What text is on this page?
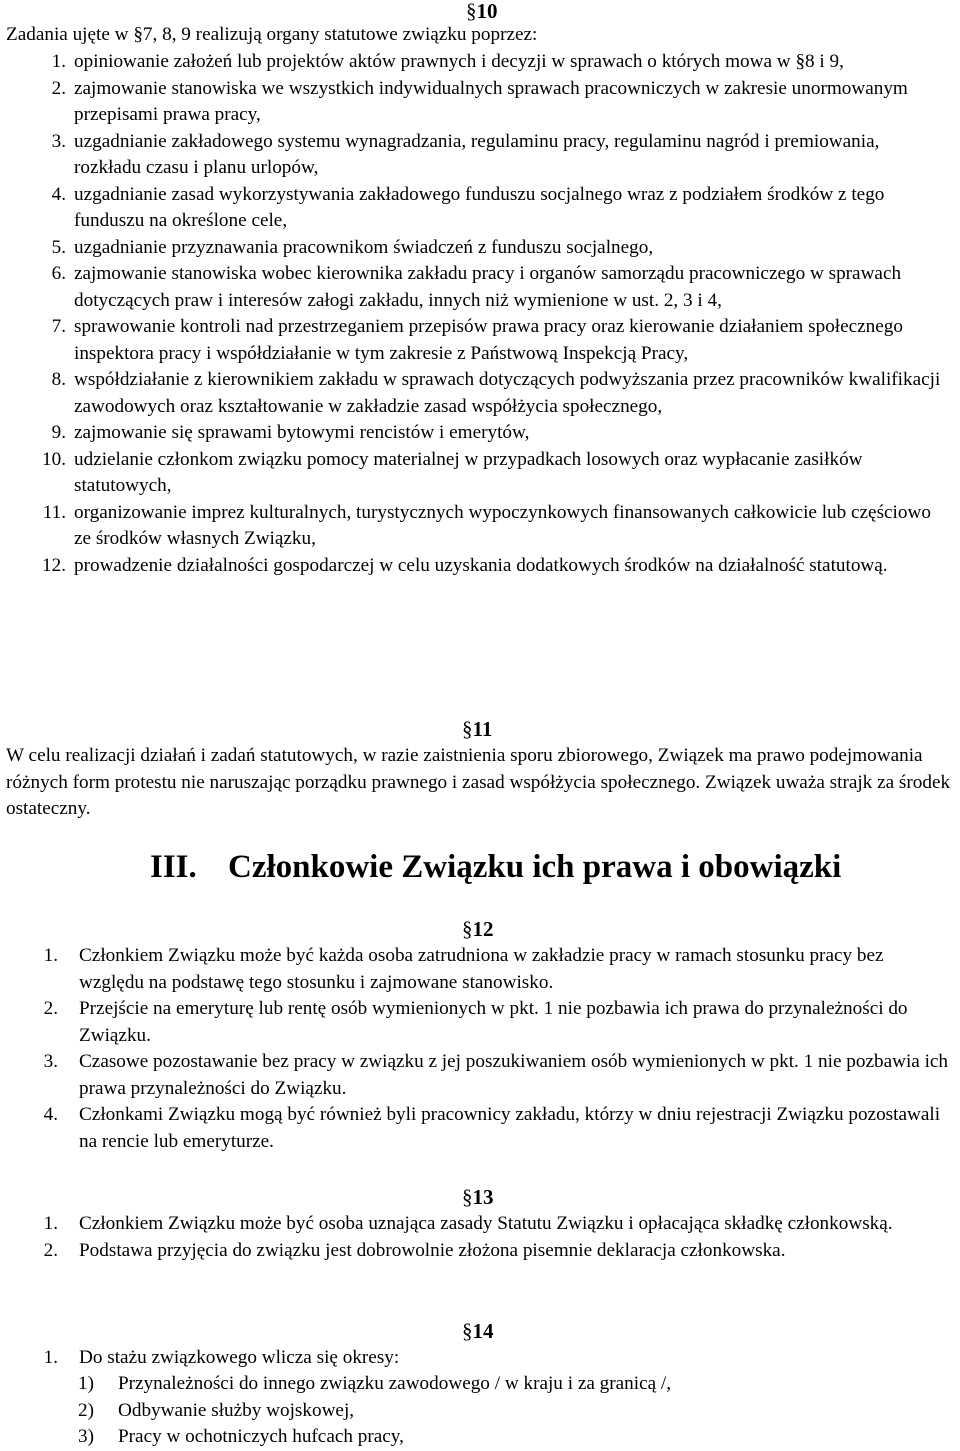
§10
Zadania ujęte w §7, 8, 9 realizują organy statutowe związku poprzez:
1. opiniowanie założeń lub projektów aktów prawnych i decyzji w sprawach o których mowa w §8 i 9,
2. zajmowanie stanowiska we wszystkich indywidualnych sprawach pracowniczych w zakresie unormowanym przepisami prawa pracy,
3. uzgadnianie zakładowego systemu wynagradzania, regulaminu pracy, regulaminu nagród i premiowania, rozkładu czasu i planu urlopów,
4. uzgadnianie zasad wykorzystywania zakładowego funduszu socjalnego wraz z podziałem środków z tego funduszu na określone cele,
5. uzgadnianie przyznawania pracownikom świadczeń z funduszu socjalnego,
6. zajmowanie stanowiska wobec kierownika zakładu pracy i organów samorządu pracowniczego w sprawach dotyczących praw i interesów załogi zakładu, innych niż wymienione w ust. 2, 3 i 4,
7. sprawowanie kontroli nad przestrzeganiem przepisów prawa pracy oraz kierowanie działaniem społecznego inspektora pracy i współdziałanie w tym zakresie z Państwową Inspekcją Pracy,
8. współdziałanie z kierownikiem zakładu w sprawach dotyczących podwyższania przez pracowników kwalifikacji zawodowych oraz kształtowanie w zakładzie zasad współżycia społecznego,
9. zajmowanie się sprawami bytowymi rencistów i emerytów,
10. udzielanie członkom związku pomocy materialnej w przypadkach losowych oraz wypłacanie zasiłków statutowych,
11. organizowanie imprez kulturalnych, turystycznych wypoczynkowych finansowanych całkowicie lub częściowo ze środków własnych Związku,
12. prowadzenie działalności gospodarczej w celu uzyskania dodatkowych środków na działalność statutową.
§11
W celu realizacji działań i zadań statutowych, w razie zaistnienia sporu zbiorowego, Związek ma prawo podejmowania różnych form protestu nie naruszając porządku prawnego i zasad współżycia społecznego. Związek uważa strajk za środek ostateczny.
III. Członkowie Związku ich prawa i obowiązki
§12
1. Członkiem Związku może być każda osoba zatrudniona w zakładzie pracy w ramach stosunku pracy bez względu na podstawę tego stosunku i zajmowane stanowisko.
2. Przejście na emeryturę lub rentę osób wymienionych w pkt. 1 nie pozbawia ich prawa do przynależności do Związku.
3. Czasowe pozostawanie bez pracy w związku z jej poszukiwaniem osób wymienionych w pkt. 1 nie pozbawia ich prawa przynależności do Związku.
4. Członkami Związku mogą być również byli pracownicy zakładu, którzy w dniu rejestracji Związku pozostawali na rencie lub emeryturze.
§13
1. Członkiem Związku może być osoba uznająca zasady Statutu Związku i opłacająca składkę członkowską.
2. Podstawa przyjęcia do związku jest dobrowolnie złożona pisemnie deklaracja członkowska.
§14
1. Do stażu związkowego wlicza się okresy:
1) Przynależności do innego związku zawodowego / w kraju i za granicą /,
2) Odbywanie służby wojskowej,
3) Pracy w ochotniczych hufcach pracy,
